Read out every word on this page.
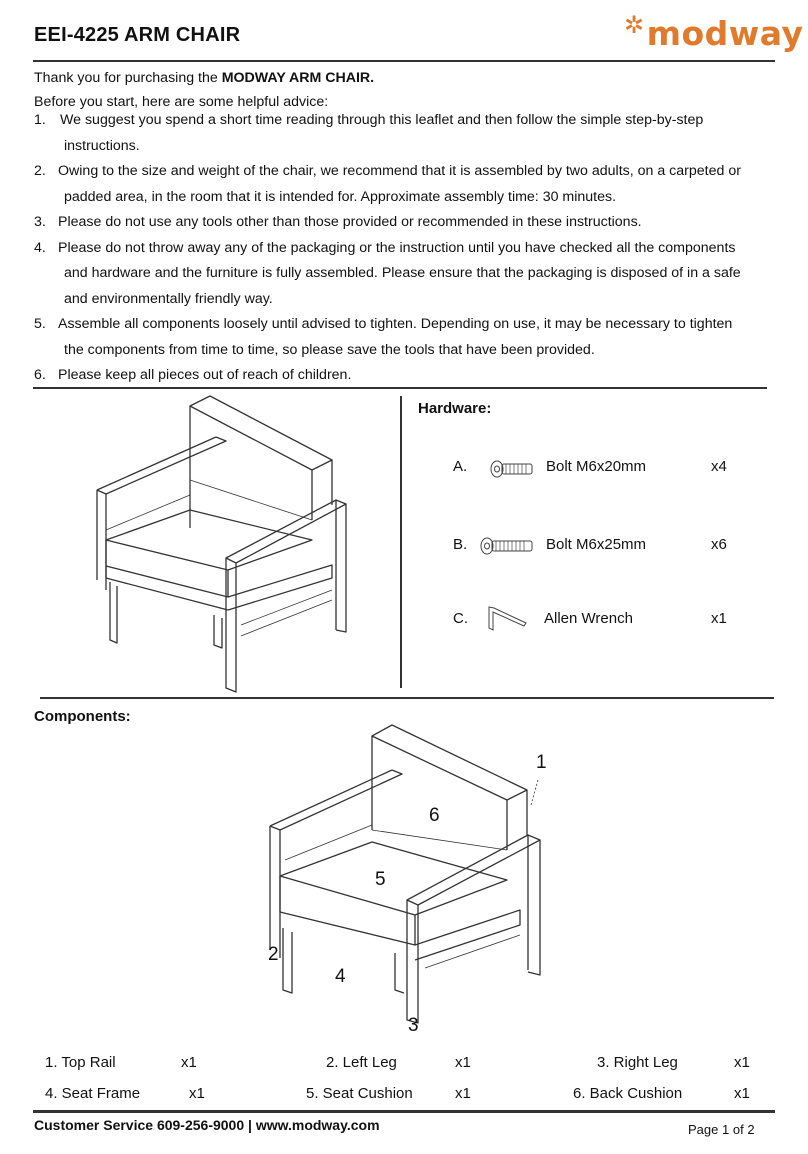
EEI-4225 ARM CHAIR	✲modway
Thank you for purchasing the MODWAY ARM CHAIR.
Before you start, here are some helpful advice:
1. We suggest you spend a short time reading through this leaflet and then follow the simple step-by-step
instructions.
2. Owing to the size and weight of the chair, we recommend that it is assembled by two adults, on a carpeted or
padded area, in the room that it is intended for. Approximate assembly time: 30 minutes.
3. Please do not use any tools other than those provided or recommended in these instructions.
4. Please do not throw away any of the packaging or the instruction until you have checked all the components
and hardware and the furniture is fully assembled. Please ensure that the packaging is disposed of in a safe
and environmentally friendly way.
5. Assemble all components loosely until advised to tighten. Depending on use, it may be necessary to tighten
the components from time to time, so please save the tools that have been provided.
6. Please keep all pieces out of reach of children.
Hardware:
A.	Bolt M6x20mm	x4
B.	Bolt M6x25mm	x6
C.	Allen Wrench	x1
Components:
1
2
3
4
5
6
1. Top Rail	x1	2. Left Leg	x1	3. Right Leg	x1
4. Seat Frame	x1	5. Seat Cushion	x1	6. Back Cushion	x1
Customer Service 609-256-9000 | www.modway.com	Page 1 of 2
